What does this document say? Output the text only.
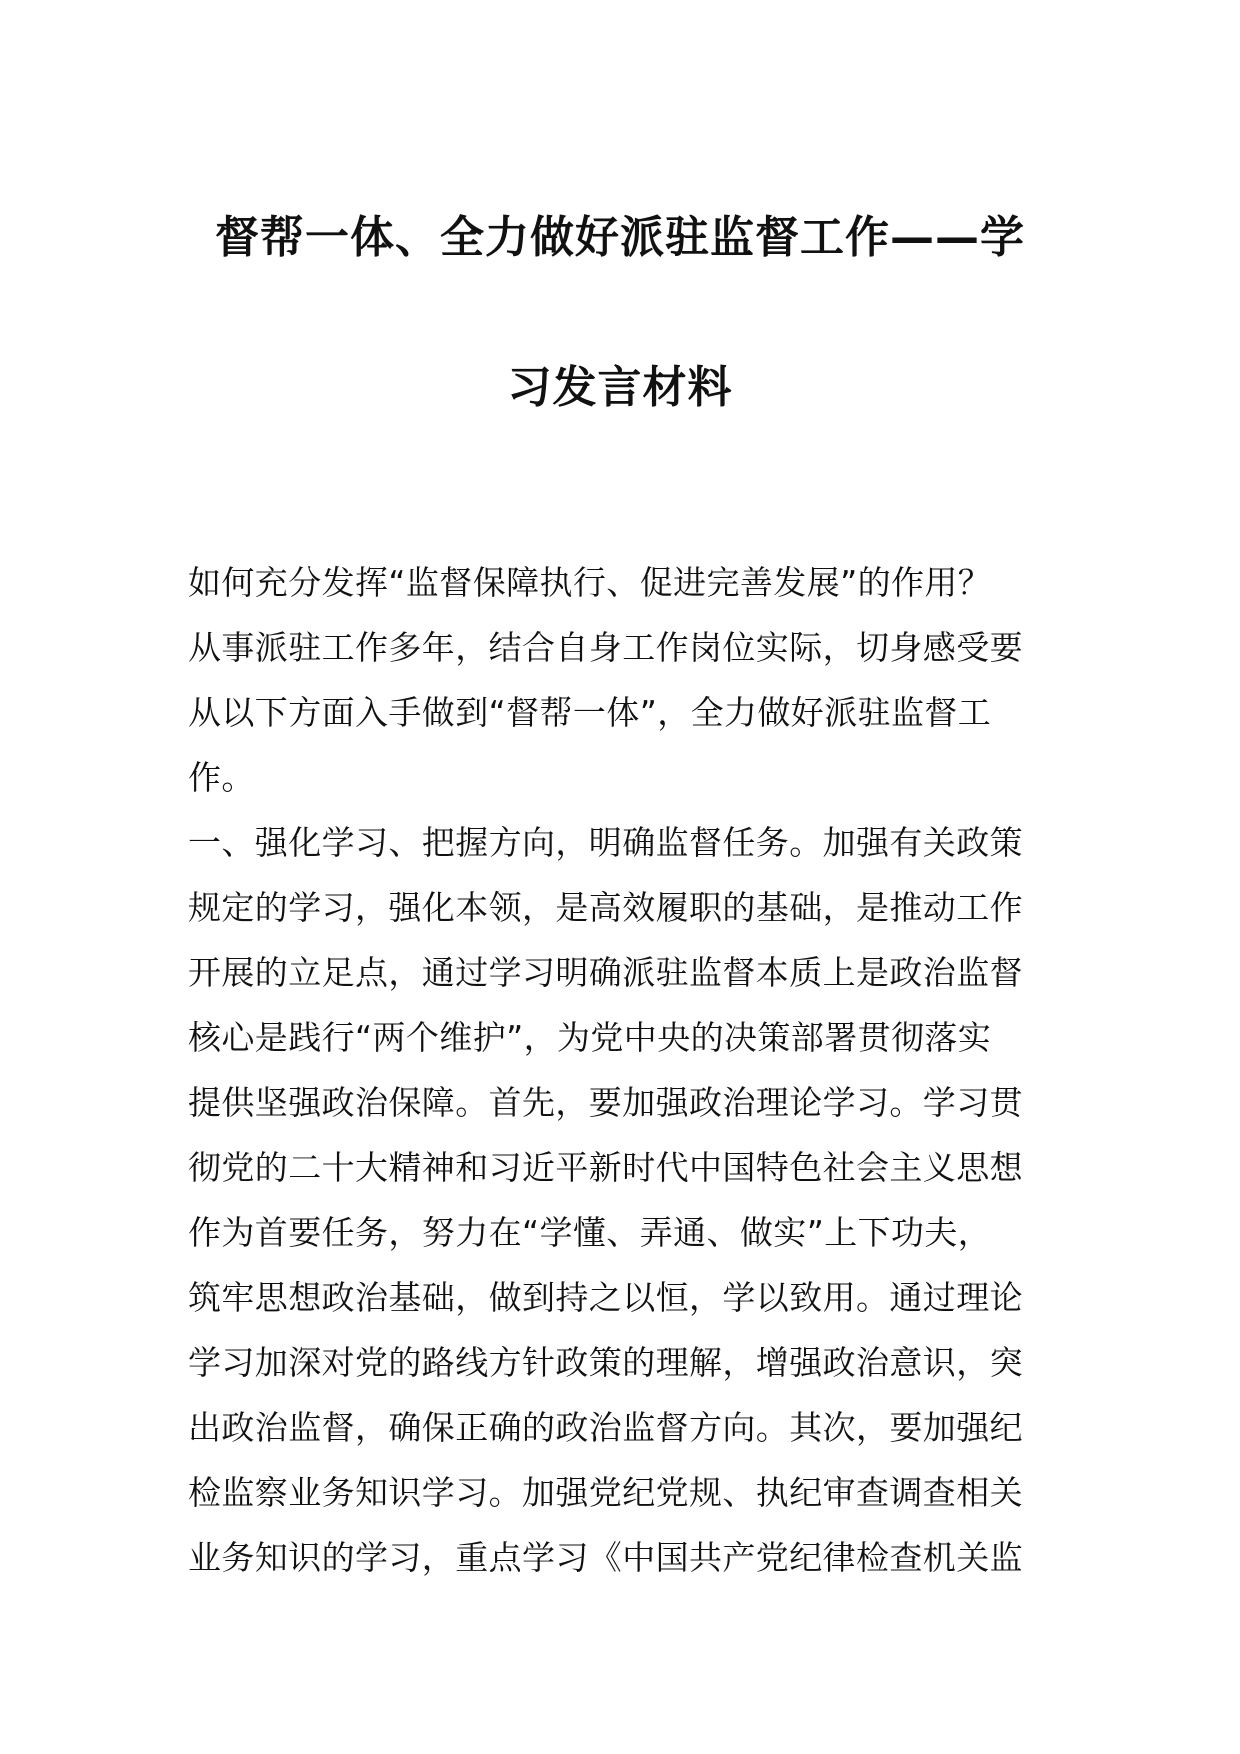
督帮一体、全力做好派驻监督工作——学
习发言材料
如何充分发挥“监督保障执行、促进完善发展”的作用？
从事派驻工作多年，结合自身工作岗位实际，切身感受要
从以下方面入手做到“督帮一体”，全力做好派驻监督工
作。
一、强化学习、把握方向，明确监督任务。加强有关政策
规定的学习，强化本领，是高效履职的基础，是推动工作
开展的立足点，通过学习明确派驻监督本质上是政治监督
核心是践行“两个维护”，为党中央的决策部署贯彻落实
提供坚强政治保障。首先，要加强政治理论学习。学习贯
彻党的二十大精神和习近平新时代中国特色社会主义思想
作为首要任务，努力在“学懂、弄通、做实”上下功夫，
筑牢思想政治基础，做到持之以恒，学以致用。通过理论
学习加深对党的路线方针政策的理解，增强政治意识，突
出政治监督，确保正确的政治监督方向。其次，要加强纪
检监察业务知识学习。加强党纪党规、执纪审查调查相关
业务知识的学习，重点学习《中国共产党纪律检查机关监
